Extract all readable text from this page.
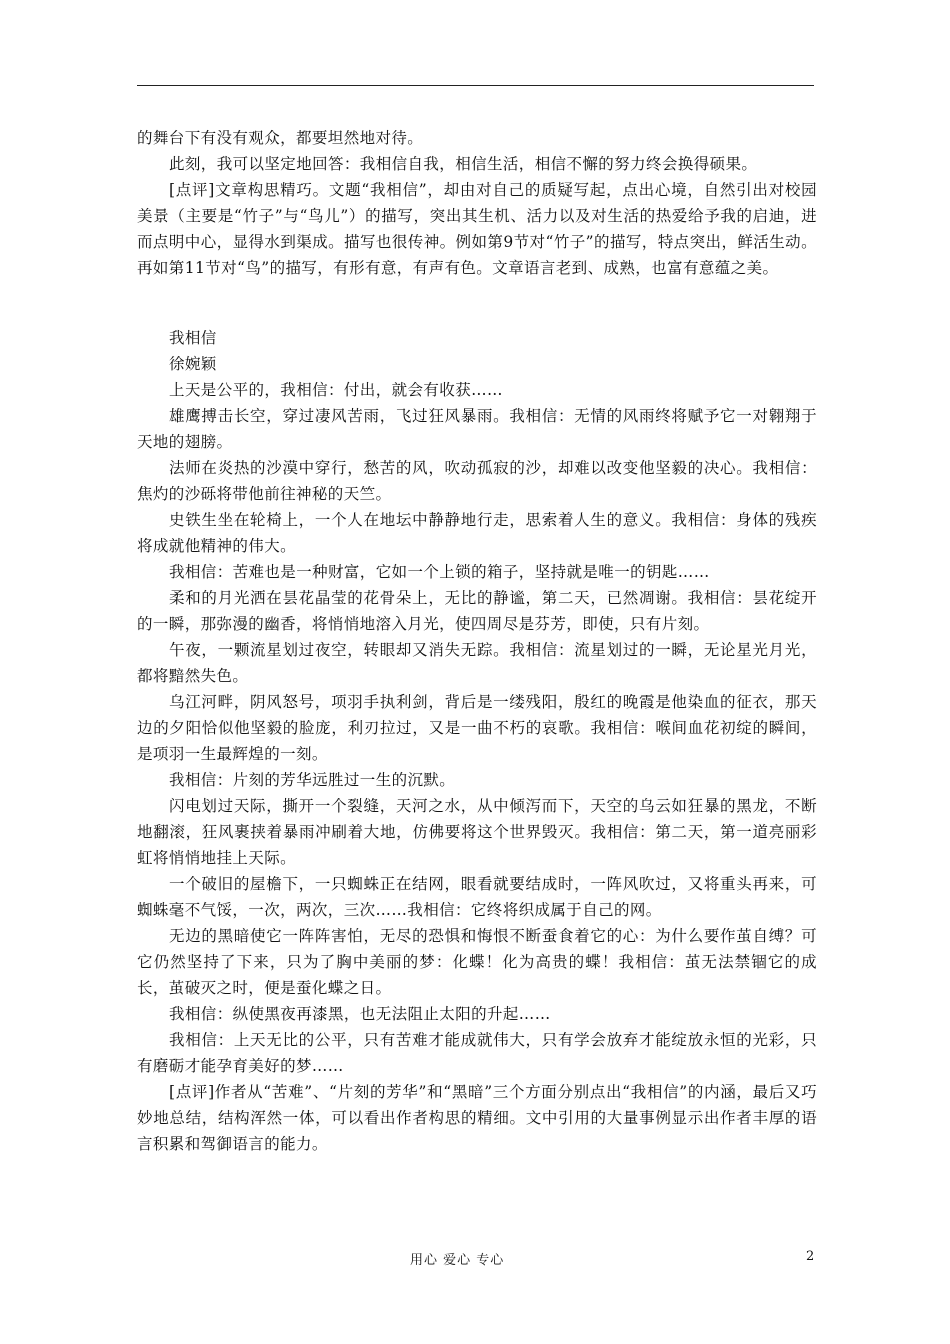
的舞台下有没有观众，都要坦然地对待。

此刻，我可以坚定地回答：我相信自我，相信生活，相信不懈的努力终会换得硕果。

[点评]文章构思精巧。文题“我相信”，却由对自己的质疑写起，点出心境，自然引出对校园美景（主要是“竹子”与“鸟儿”）的描写，突出其生机、活力以及对生活的热爱给予我的启迪，进而点明中心，显得水到渠成。描写也很传神。例如第9节对“竹子”的描写，特点突出，鲜活生动。再如第11节对“鸟”的描写，有形有意，有声有色。文章语言老到、成熟，也富有意蕴之美。

我相信

徐婉颖

上天是公平的，我相信：付出，就会有收获……

雄鹰搏击长空，穿过凄风苦雨，飞过狂风暴雨。我相信：无情的风雨终将赋予它一对翱翔于天地的翅膀。

法师在炎热的沙漠中穿行，愁苦的风，吹动孤寂的沙，却难以改变他坚毅的决心。我相信：焦灼的沙砾将带他前往神秘的天竺。

史铁生坐在轮椅上，一个人在地坛中静静地行走，思索着人生的意义。我相信：身体的残疾将成就他精神的伟大。

我相信：苦难也是一种财富，它如一个上锁的箱子，坚持就是唯一的钥匙……

柔和的月光洒在昙花晶莹的花骨朵上，无比的静谧，第二天，已然凋谢。我相信：昙花绽开的一瞬，那弥漫的幽香，将悄悄地溶入月光，使四周尽是芬芳，即使，只有片刻。

午夜，一颗流星划过夜空，转眼却又消失无踪。我相信：流星划过的一瞬，无论星光月光，都将黯然失色。

乌江河畔，阴风怒号，项羽手执利剑，背后是一缕残阳，殷红的晚霞是他染血的征衣，那天边的夕阳恰似他坚毅的脸庞，利刃拉过，又是一曲不朽的哀歌。我相信：喉间血花初绽的瞬间，是项羽一生最辉煌的一刻。

我相信：片刻的芳华远胜过一生的沉默。

闪电划过天际，撕开一个裂缝，天河之水，从中倾泻而下，天空的乌云如狂暴的黑龙，不断地翻滚，狂风裹挟着暴雨冲刷着大地，仿佛要将这个世界毁灭。我相信：第二天，第一道亮丽彩虹将悄悄地挂上天际。

一个破旧的屋檐下，一只蜘蛛正在结网，眼看就要结成时，一阵风吹过，又将重头再来，可蜘蛛毫不气馁，一次，两次，三次……我相信：它终将织成属于自己的网。

无边的黑暗使它一阵阵害怕，无尽的恐惧和悔恨不断蚕食着它的心：为什么要作茧自缚？可它仍然坚持了下来，只为了胸中美丽的梦：化蝶！化为高贵的蝶！我相信：茧无法禁锢它的成长，茧破灭之时，便是蚕化蝶之日。

我相信：纵使黑夜再漆黑，也无法阻止太阳的升起……

我相信：上天无比的公平，只有苦难才能成就伟大，只有学会放弃才能绽放永恒的光彩，只有磨砺才能孕育美好的梦……

[点评]作者从“苦难”、“片刻的芳华”和“黑暗”三个方面分别点出“我相信”的内涵，最后又巧妙地总结，结构浑然一体，可以看出作者构思的精细。文中引用的大量事例显示出作者丰厚的语言积累和驾御语言的能力。

用心 爱心 专心	2
